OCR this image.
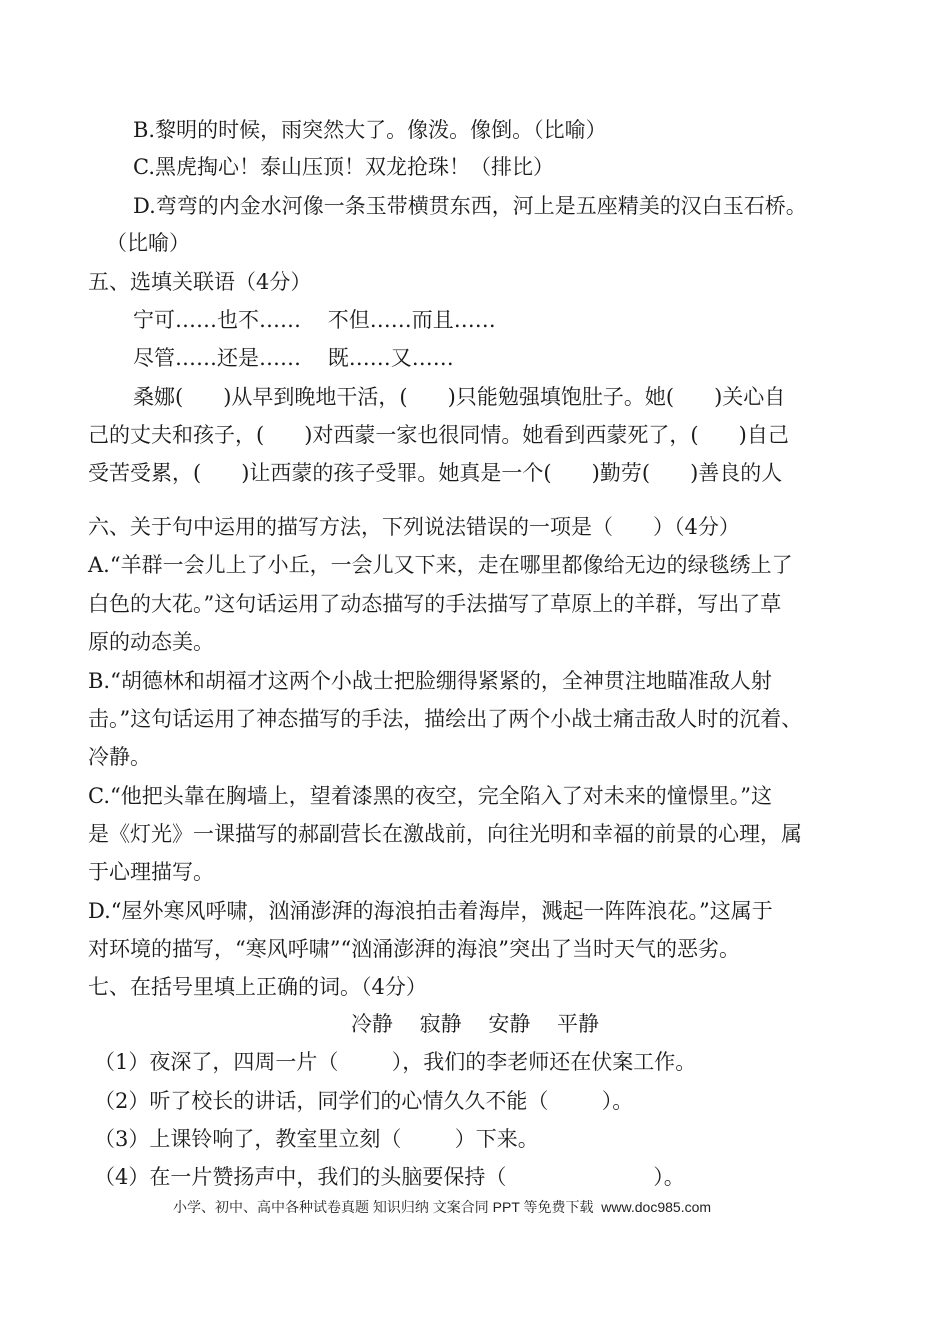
B.黎明的时候，雨突然大了。像泼。像倒。（比喻）
C.黑虎掏心！泰山压顶！双龙抢珠！（排比）
D.弯弯的内金水河像一条玉带横贯东西，河上是五座精美的汉白玉石桥。
（比喻）
五、选填关联语（4分）
宁可……也不……    不但……而且……
尽管……还是……    既……又……
桑娜(      )从早到晚地干活，(      )只能勉强填饱肚子。她(      )关心自
己的丈夫和孩子，(      )对西蒙一家也很同情。她看到西蒙死了，(      )自己
受苦受累，(      )让西蒙的孩子受罪。她真是一个(      )勤劳(      )善良的人
六、关于句中运用的描写方法，下列说法错误的一项是（      ）（4分）
A.“羊群一会儿上了小丘，一会儿又下来，走在哪里都像给无边的绿毯绣上了
白色的大花。”这句话运用了动态描写的手法描写了草原上的羊群，写出了草
原的动态美。
B.“胡德林和胡福才这两个小战士把脸绷得紧紧的，全神贯注地瞄准敌人射
击。”这句话运用了神态描写的手法，描绘出了两个小战士痛击敌人时的沉着、
冷静。
C.“他把头靠在胸墙上，望着漆黑的夜空，完全陷入了对未来的憧憬里。”这
是《灯光》一课描写的郝副营长在激战前，向往光明和幸福的前景的心理，属
于心理描写。
D.“屋外寒风呼啸，汹涌澎湃的海浪拍击着海岸，溅起一阵阵浪花。”这属于
对环境的描写，“寒风呼啸”“汹涌澎湃的海浪”突出了当时天气的恶劣。
七、在括号里填上正确的词。（4分）
冷静    寂静    安静    平静
（1）夜深了，四周一片（        ），我们的李老师还在伏案工作。
（2）听了校长的讲话，同学们的心情久久不能（        ）。
（3）上课铃响了，教室里立刻（        ）下来。
（4）在一片赞扬声中，我们的头脑要保持（                      ）。
小学、初中、高中各种试卷真题 知识归纳 文案合同 PPT 等免费下载  www.doc985.com
